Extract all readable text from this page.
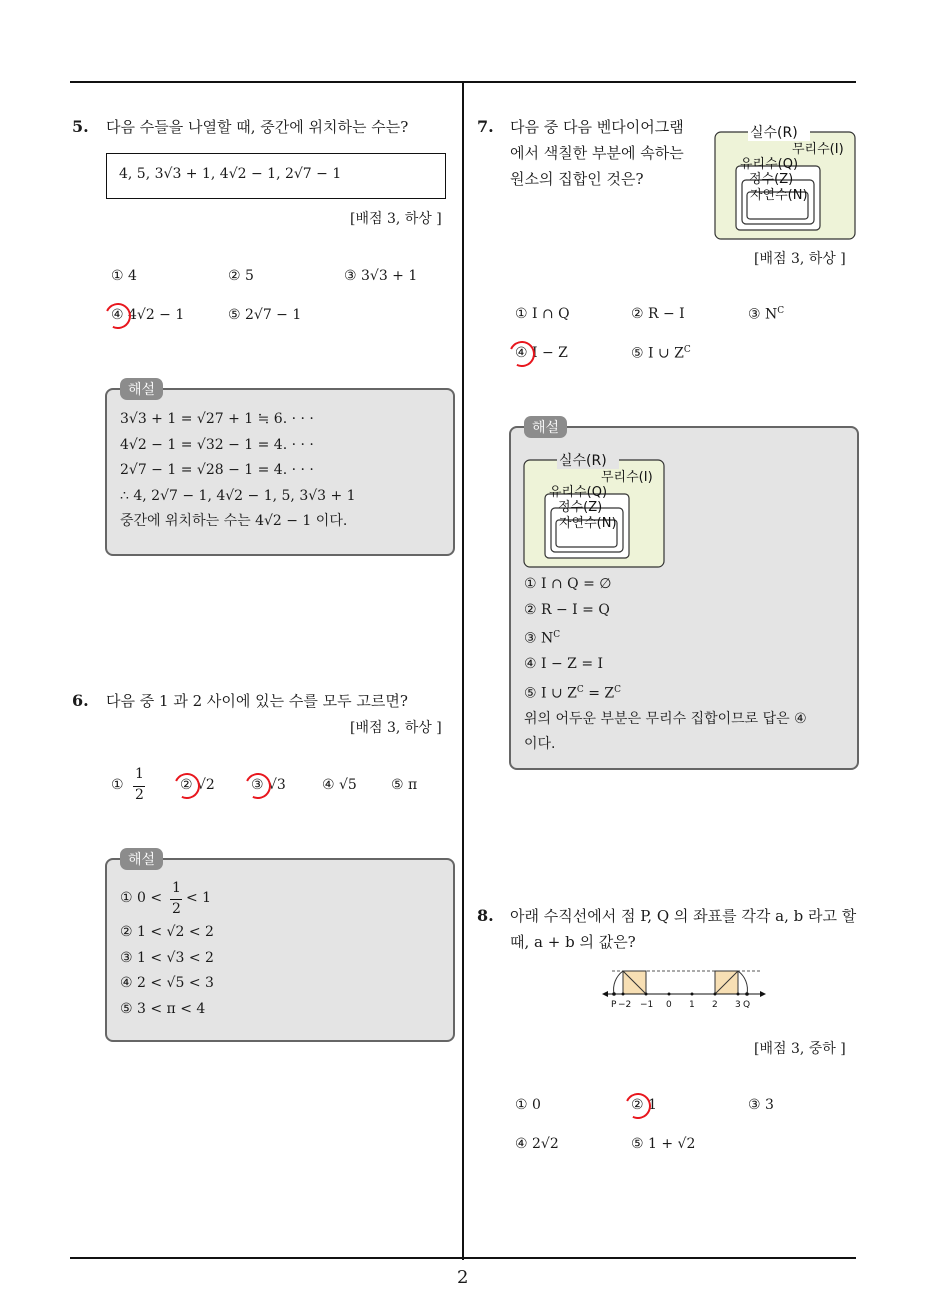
2
5. 다음 수들을 나열할 때, 중간에 위치하는 수는?
4, 5, 3√3 + 1, 4√2 − 1, 2√7 − 1
[배점 3, 하상 ]
① 4	② 5	③ 3√3 + 1
④ 4√2 − 1	⑤ 2√7 − 1
3√3 + 1 = √27 + 1 ≒ 6. · · ·
4√2 − 1 = √32 − 1 = 4. · · ·
2√7 − 1 = √28 − 1 = 4. · · ·
∴ 4, 2√7 − 1, 4√2 − 1, 5, 3√3 + 1
중간에 위치하는 수는 4√2 − 1 이다.
해설
6. 다음 중 1 과 2 사이에 있는 수를 모두 고르면?
[배점 3, 하상 ]
①
1
2
② √2	③ √3	④ √5 ⑤ π
① 0 <
1
2
< 1
② 1 < √2 < 2
③ 1 < √3 < 2
④ 2 < √5 < 3
⑤ 3 < π < 4
해설
7. 다음 중 다음 벤다이어그램
에서 색칠한 부분에 속하는
원소의 집합인 것은?
실수(R)
무리수(I)
유리수(Q)
정수(Z)
자연수(N)
[배점 3, 하상 ]
① I ∩ Q	② R − I	③ $N^C$
④ I − Z	⑤ I ∪ $Z^C$
실수(R)
무리수(I)
유리수(Q)
정수(Z)
자연수(N)
① I ∩ Q = ∅
② R − I = Q
③ $N^C$
④ I − Z = I
⑤ I ∪ $Z^C = Z^C$
위의 어두운 부분은 무리수 집합이므로 답은 ④
이다.
해설
8. 아래 수직선에서 점 P, Q 의 좌표를 각각 a, b 라고 할
때, a + b 의 값은?
P −2 −1 0 1 2 3 Q
[배점 3, 중하 ]
① 0	② 1	③ 3
④ 2√2	⑤ 1 + √2
